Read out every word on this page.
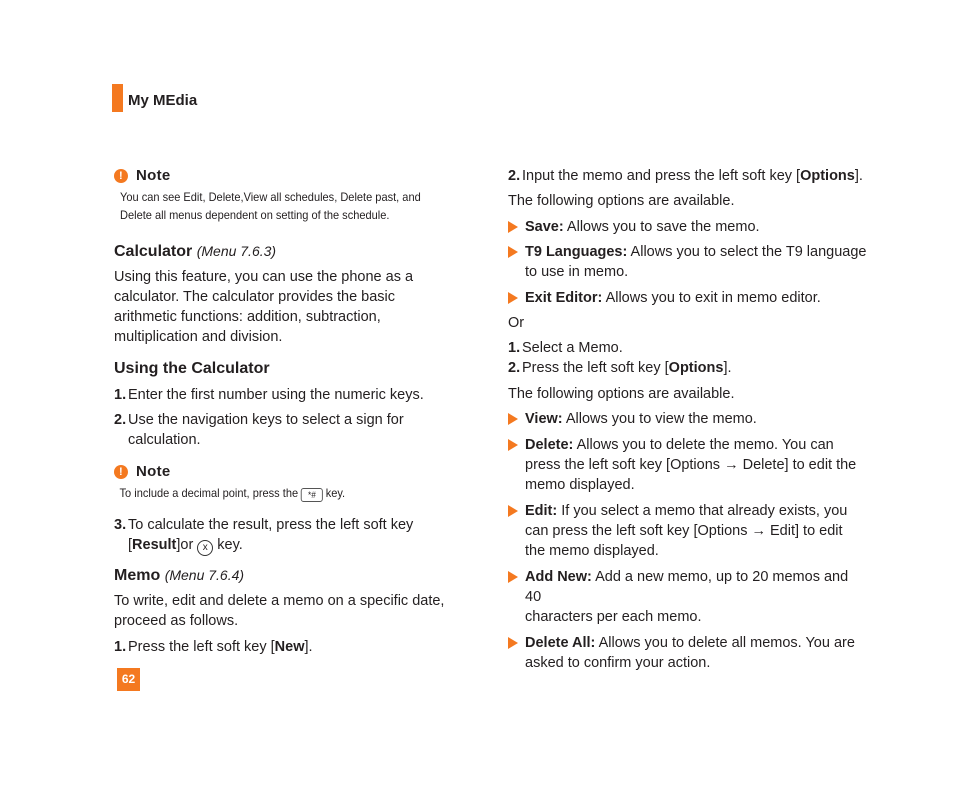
My MEdia
! Note
You can see Edit, Delete,View all schedules, Delete past, and
Delete all menus dependent on setting of the schedule.
Calculator (Menu 7.6.3)
Using this feature, you can use the phone as a
calculator. The calculator provides the basic
arithmetic functions: addition, subtraction,
multiplication and division.
Using the Calculator
1. Enter the first number using the numeric keys.
2. Use the navigation keys to select a sign for
calculation.
! Note
To include a decimal point, press the *# key.
3. To calculate the result, press the left soft key
[Result]or x key.
Memo (Menu 7.6.4)
To write, edit and delete a memo on a specific date,
proceed as follows.
1. Press the left soft key [New].
62
2. Input the memo and press the left soft key [Options].
The following options are available.
Save: Allows you to save the memo.
T9 Languages: Allows you to select the T9 language
to use in memo.
Exit Editor: Allows you to exit in memo editor.
Or
1. Select a Memo.
2. Press the left soft key [Options].
The following options are available.
View: Allows you to view the memo.
Delete: Allows you to delete the memo. You can
press the left soft key [Options → Delete] to edit the
memo displayed.
Edit: If you select a memo that already exists, you
can press the left soft key [Options → Edit] to edit
the memo displayed.
Add New: Add a new memo, up to 20 memos and 40
characters per each memo.
Delete All: Allows you to delete all memos. You are
asked to confirm your action.
